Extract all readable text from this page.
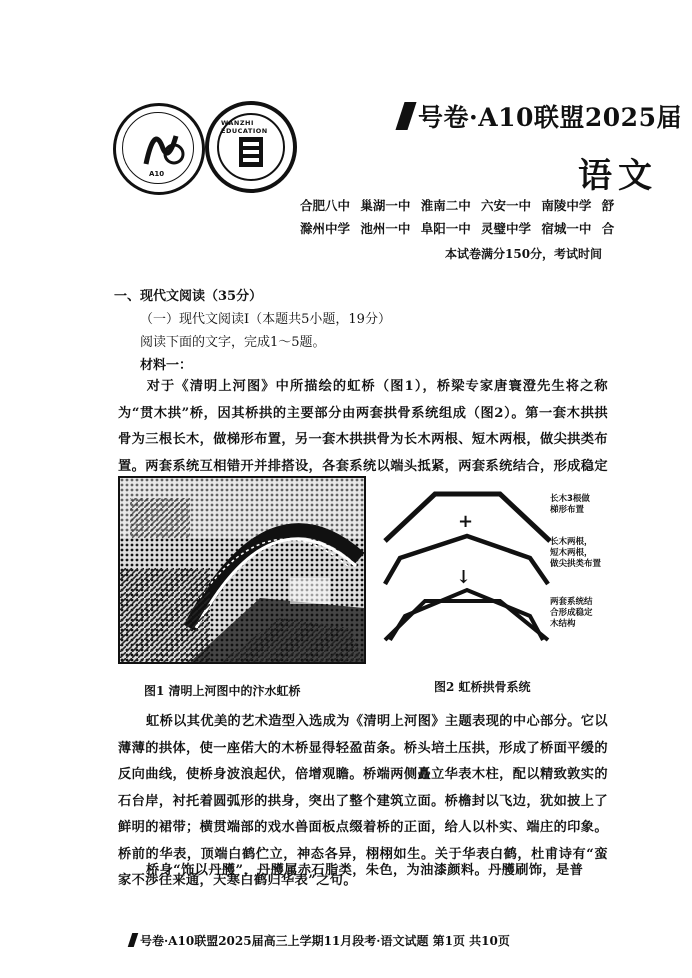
A10
WANZHI EDUCATION	号卷·A10联盟2025届
语文
合肥八中 巢湖一中 淮南二中 六安一中 南陵中学 舒
滁州中学 池州一中 阜阳一中 灵璧中学 宿城一中 合
本试卷满分150分，考试时间
一、现代文阅读（35分）
（一）现代文阅读Ⅰ（本题共5小题，19分）
阅读下面的文字，完成1～5题。
材料一：
对于《清明上河图》中所描绘的虹桥（图1），桥梁专家唐寰澄先生将之称为“贯木拱”桥，因其桥拱的主要部分由两套拱骨系统组成（图2）。第一套木拱拱骨为三根长木，做梯形布置，另一套木拱拱骨为长木两根、短木两根，做尖拱类布置。两套系统互相错开并排搭设，各套系统以端头抵紧，两套系统结合，形成稳定
+
↓
长木3根做
梯形布置
长木两根，
短木两根，
做尖拱类布置
两套系统结
合形成稳定
木结构
图1 清明上河图中的汴水虹桥	图2 虹桥拱骨系统
虹桥以其优美的艺术造型入选成为《清明上河图》主题表现的中心部分。它以薄薄的拱体，使一座偌大的木桥显得轻盈苗条。桥头培土压拱，形成了桥面平缓的反向曲线，使桥身波浪起伏，倍增观瞻。桥端两侧矗立华表木柱，配以精致敦实的石台岸，衬托着圆弧形的拱身，突出了整个建筑立面。桥檐封以飞边，犹如披上了鲜明的裙带；横贯端部的戏水兽面板点缀着桥的正面，给人以朴实、端庄的印象。桥前的华表，顶端白鹤伫立，神态各异，栩栩如生。关于华表白鹤，杜甫诗有“蛮家不渉往来通，天寒白鹤归华表”之句。
桥身“饰以丹雘”，丹雘属赤石脂类，朱色，为油漆颜料。丹雘刷饰，是普
号卷·A10联盟2025届高三上学期11月段考·语文试题 第1页 共10页
